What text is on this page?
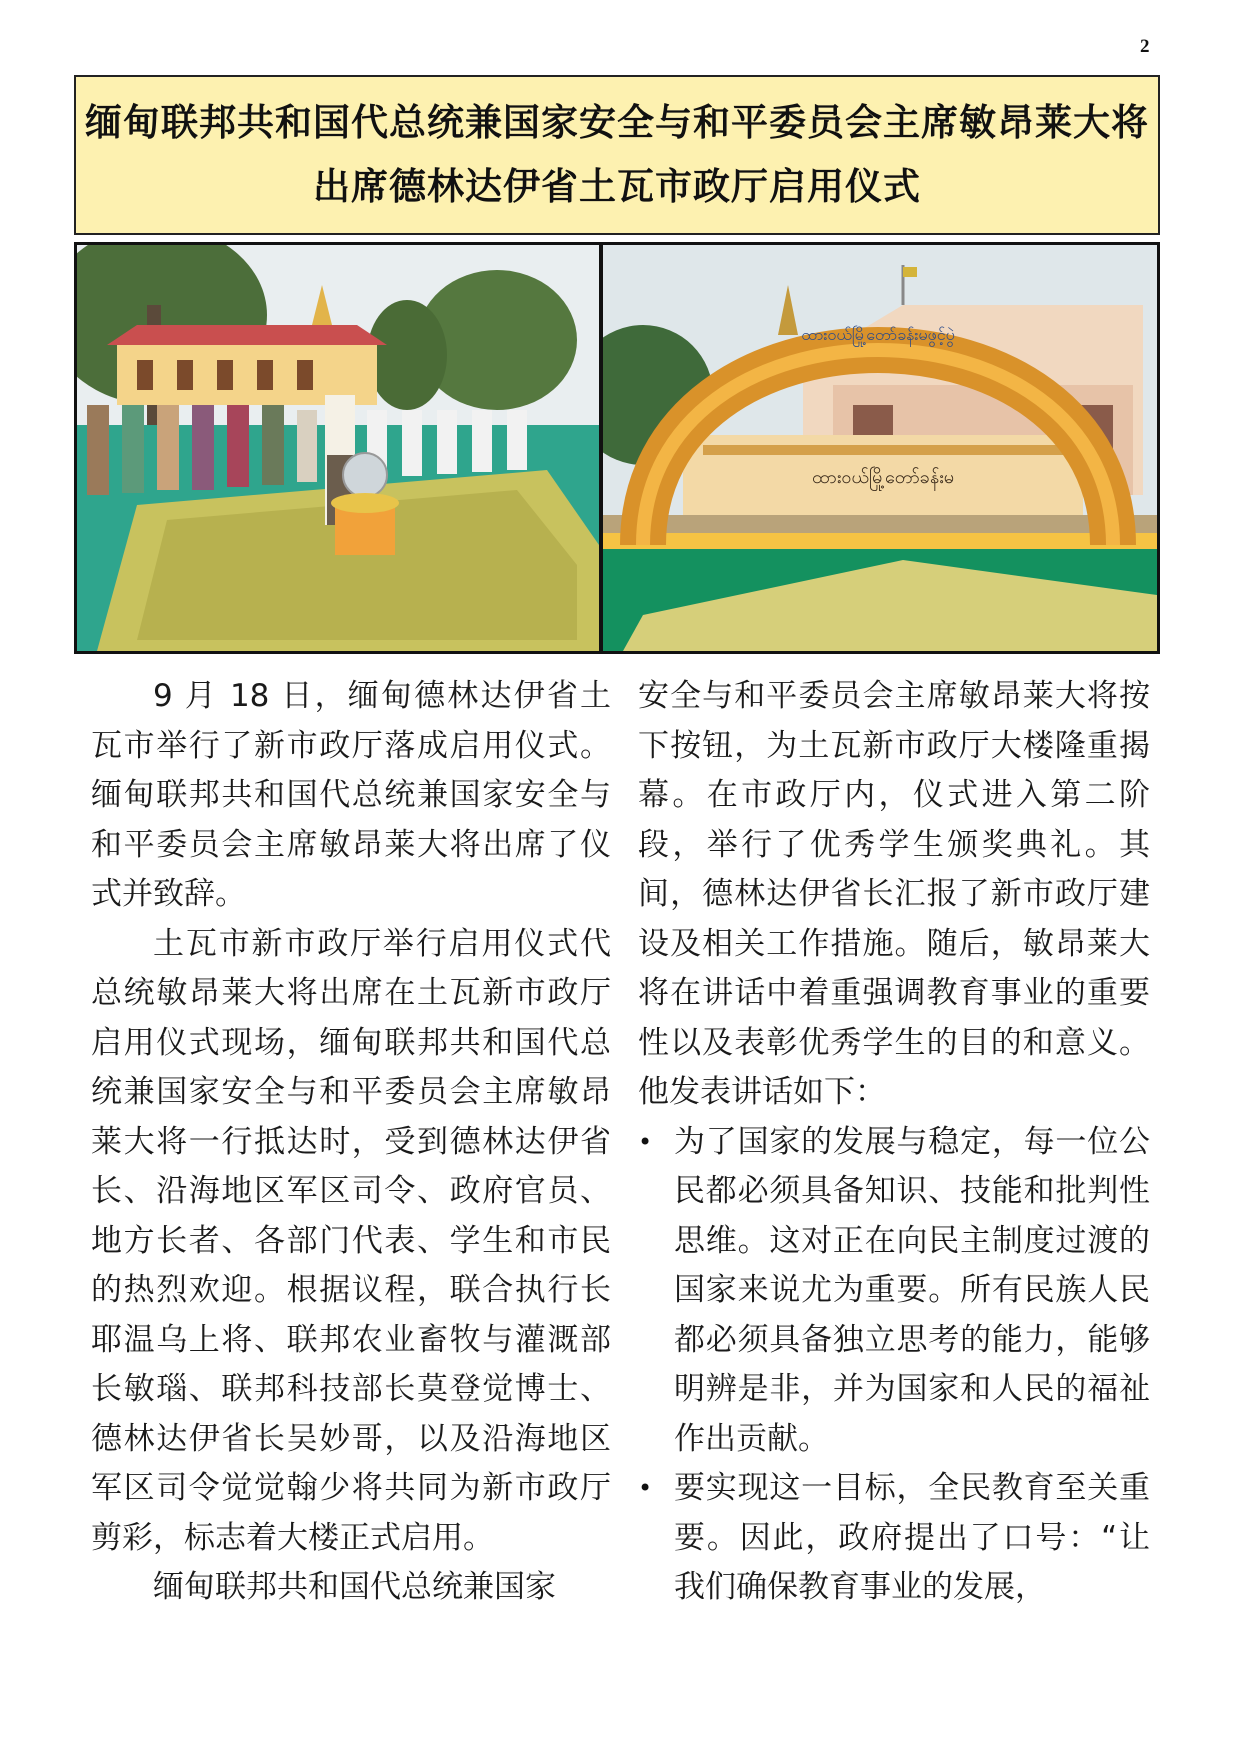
2
缅甸联邦共和国代总统兼国家安全与和平委员会主席敏昂莱大将
出席德林达伊省土瓦市政厅启用仪式
ထားဝယ်မြို့တော်ခန်းမ
ထားဝယ်မြို့တော်ခန်းမဖွင့်ပွဲ

9 月 18 日，缅甸德林达伊省土瓦市举行了新市政厅落成启用仪式。缅甸联邦共和国代总统兼国家安全与和平委员会主席敏昂莱大将出席了仪式并致辞。

土瓦市新市政厅举行启用仪式代总统敏昂莱大将出席在土瓦新市政厅启用仪式现场，缅甸联邦共和国代总统兼国家安全与和平委员会主席敏昂莱大将一行抵达时，受到德林达伊省长、沿海地区军区司令、政府官员、地方长者、各部门代表、学生和市民的热烈欢迎。根据议程，联合执行长耶温乌上将、联邦农业畜牧与灌溉部长敏瑙、联邦科技部长莫登觉博士、德林达伊省长吴妙哥，以及沿海地区军区司令觉觉翰少将共同为新市政厅剪彩，标志着大楼正式启用。

缅甸联邦共和国代总统兼国家

安全与和平委员会主席敏昂莱大将按下按钮，为土瓦新市政厅大楼隆重揭幕。在市政厅内，仪式进入第二阶段，举行了优秀学生颁奖典礼。其间，德林达伊省长汇报了新市政厅建设及相关工作措施。随后，敏昂莱大将在讲话中着重强调教育事业的重要性以及表彰优秀学生的目的和意义。他发表讲话如下：

• 为了国家的发展与稳定，每一位公民都必须具备知识、技能和批判性思维。这对正在向民主制度过渡的国家来说尤为重要。所有民族人民都必须具备独立思考的能力，能够明辨是非，并为国家和人民的福祉作出贡献。
• 要实现这一目标，全民教育至关重要。因此，政府提出了口号：“让我们确保教育事业的发展，
